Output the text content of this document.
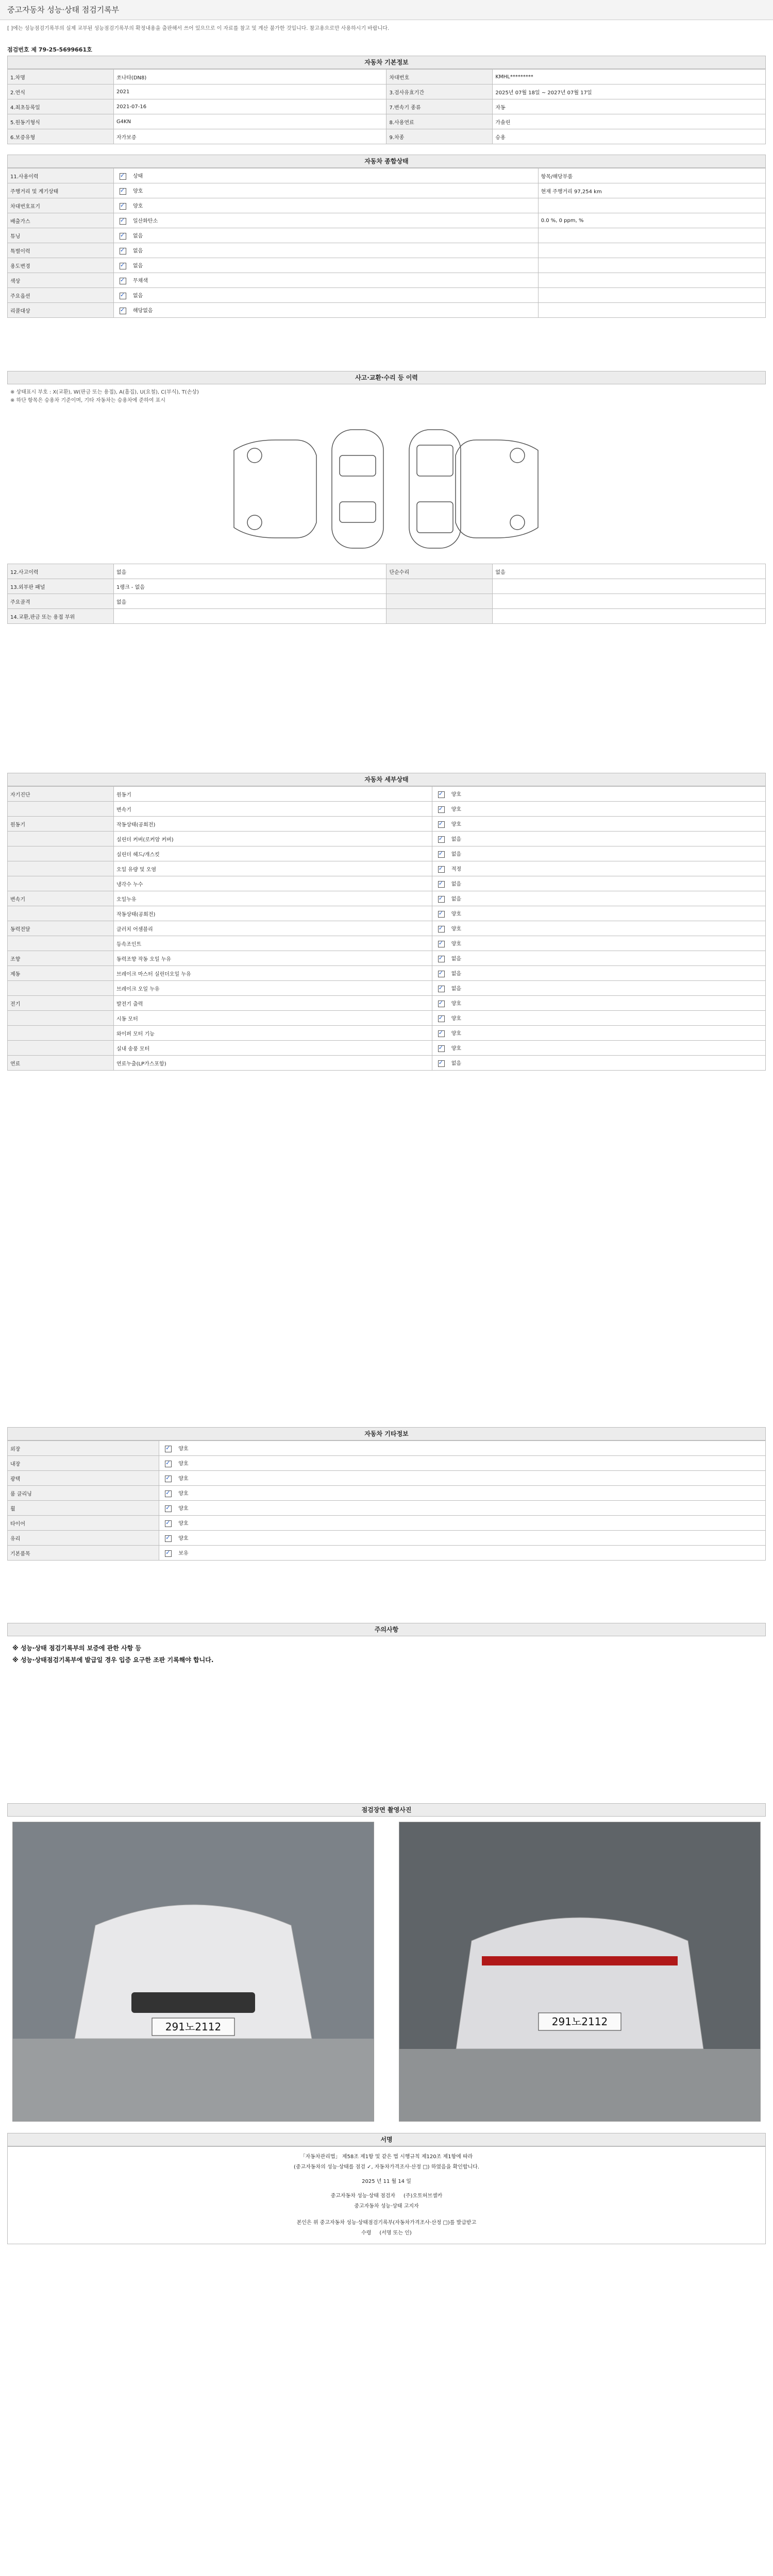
중고자동차 성능·상태 점검기록부
[ ]에는 성능점검기록부의 실제 교부된 성능점검기록부의 확정내용을 출판해서 쓰어 있으므로 이 자료를 참고 및 계산 불가한 것입니다. 참고용으로만 사용하시기 바랍니다.
점검번호 제 79-25-5699661호
자동차 기본정보
1.차명	쏘나타(DN8)	차대번호	KMHL*********
2.연식	2021	3.검사유효기간	2025년 07월 18일 ~ 2027년 07월 17일
4.최초등록일	2021-07-16	7.변속기 종류	자동
5.원동기형식	G4KN	8.사용연료	가솔린
6.보증유형	자가보증	9.차종	승용
자동차 종합상태
11.사용이력	✓상태	항목/해당부품
주행거리 및 계기상태	✓양호	현재 주행거리 97,254 km
차대번호표기	✓양호	
배출가스	✓일산화탄소	0.0 %, 0 ppm, %
튜닝	✓없음	
특별이력	✓없음	
용도변경	✓없음	
색상	✓무채색	
주요옵션	✓없음	
리콜대상	✓해당없음	
사고·교환·수리 등 이력
※ 상태표시 부호 : X(교환), W(판금 또는 용접), A(흠집), U(요철), C(부식), T(손상)
※ 하단 항목은 승용차 기준이며, 기타 자동차는 승용차에 준하여 표시
12.사고이력	없음	단순수리	없음
13.외부판 패널	1랭크 - 없음		
주요골격	없음		
14.교환,판금 또는 용접 부위			
자동차 세부상태
자기진단	원동기	✓양호
	변속기	✓양호
원동기	작동상태(공회전)	✓양호
	실린더 커버(로커암 커버)	✓없음
	실린더 헤드/개스킷	✓없음
	오일 유량 및 오염	✓적정
	냉각수 누수	✓없음
변속기	오일누유	✓없음
	작동상태(공회전)	✓양호
동력전달	클러치 어셈블리	✓양호
	등속조인트	✓양호
조향	동력조향 작동 오일 누유	✓없음
제동	브레이크 마스터 실린더오일 누유	✓없음
	브레이크 오일 누유	✓없음
전기	발전기 출력	✓양호
	시동 모터	✓양호
	와이퍼 모터 기능	✓양호
	실내 송풍 모터	✓양호
연료	연료누출(LP가스포함)	✓없음
자동차 기타정보
외장	✓양호
내장	✓양호
광택	✓양호
룸 클리닝	✓양호
휠	✓양호
타이어	✓양호
유리	✓양호
기본품목	✓보유
주의사항

※ 성능·상태 점검기록부의 보증에 관한 사항 등

※ 성능·상태점검기록부에 발급일 경우 입증 요구한 조판 기록해야 합니다.

점검장면 촬영사진
291노2112	291노2112
서명
「자동차관리법」 제58조 제1항 및 같은 법 시행규칙 제120조 제1항에 따라
(중고자동차의 성능·상태를 점검 ✓, 자동차가격조사·산정 □) 하였음을 확인합니다.
2025 년 11 월 14 일
중고자동차 성능·상태 점검자 (주)오토허브셀카
중고자동차 성능·상태 고지자
본인은 위 중고자동차 성능·상태점검기록부(자동차가격조사·산정 □)를 발급받고
수령 (서명 또는 인)
